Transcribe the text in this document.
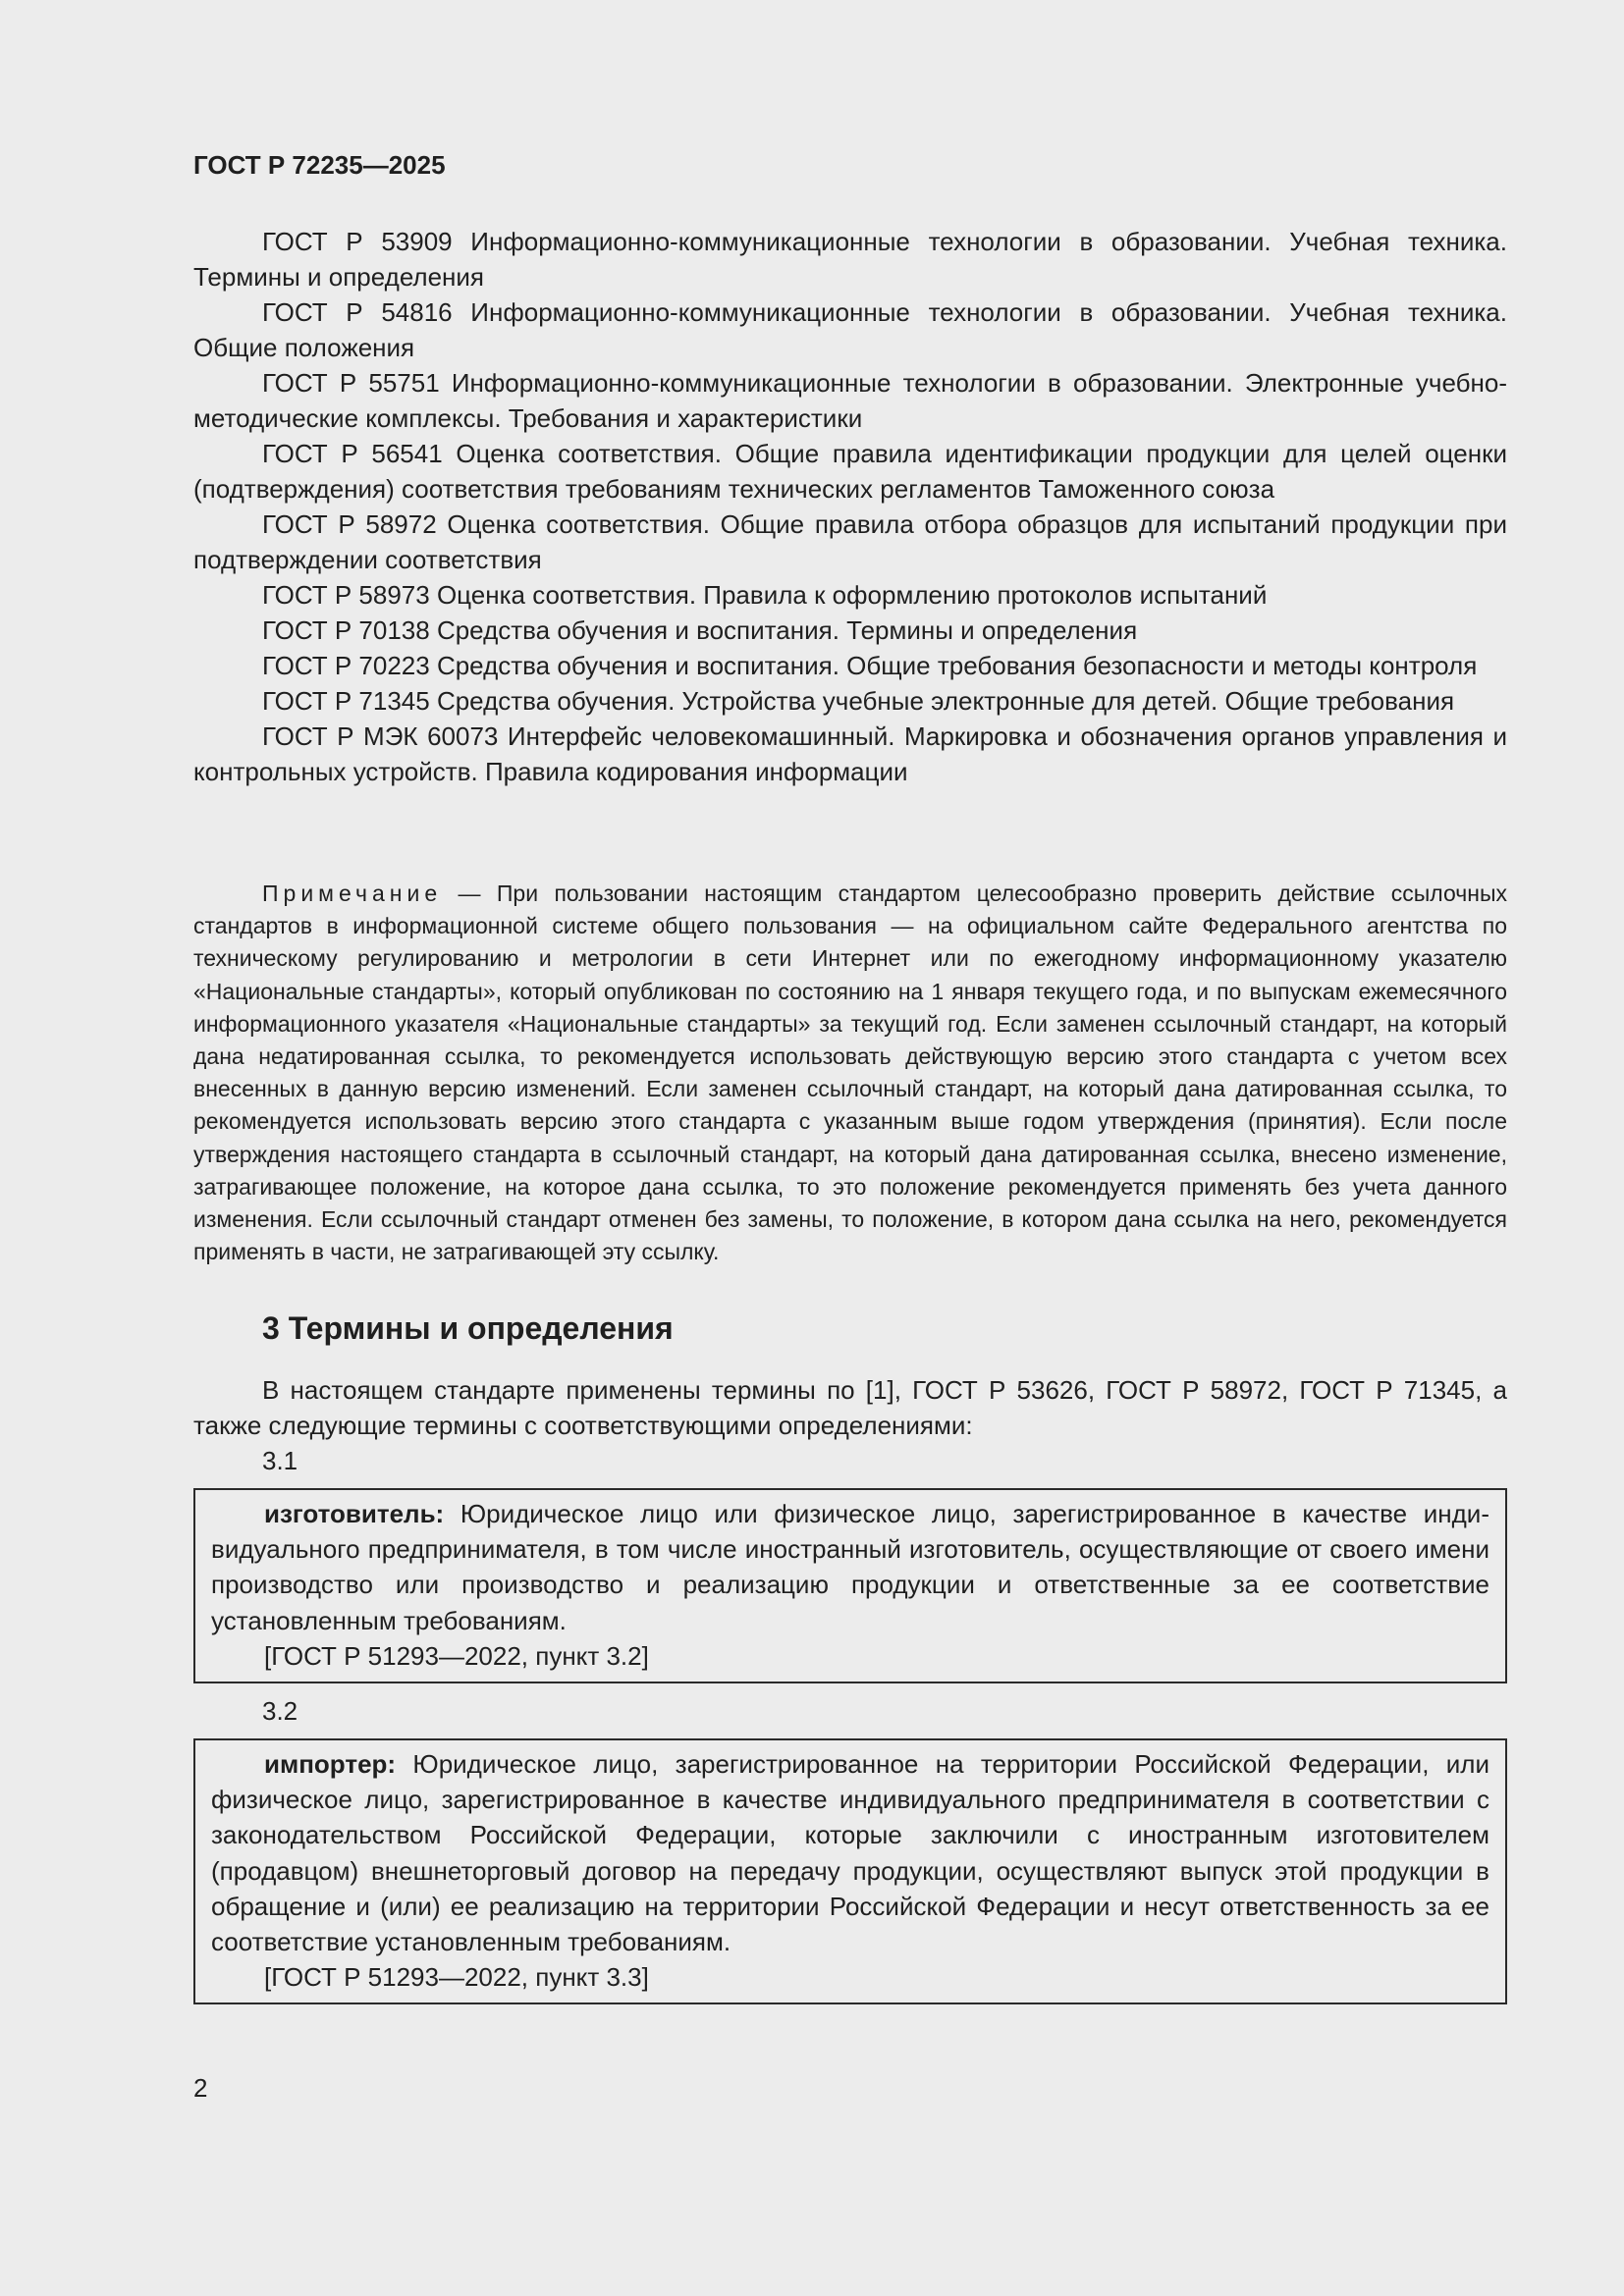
ГОСТ Р 72235—2025

ГОСТ Р 53909 Информационно-коммуникационные технологии в образовании. Учебная техника. Термины и определения

ГОСТ Р 54816 Информационно-коммуникационные технологии в образовании. Учебная техника. Общие положения

ГОСТ Р 55751 Информационно-коммуникационные технологии в образовании. Электронные учебно-методические комплексы. Требования и характеристики

ГОСТ Р 56541 Оценка соответствия. Общие правила идентификации продукции для целей оценки (подтверждения) соответствия требованиям технических регламентов Таможенного союза

ГОСТ Р 58972 Оценка соответствия. Общие правила отбора образцов для испытаний продукции при подтверждении соответствия

ГОСТ Р 58973 Оценка соответствия. Правила к оформлению протоколов испытаний

ГОСТ Р 70138 Средства обучения и воспитания. Термины и определения

ГОСТ Р 70223 Средства обучения и воспитания. Общие требования безопасности и методы контроля

ГОСТ Р 71345 Средства обучения. Устройства учебные электронные для детей. Общие требования

ГОСТ Р МЭК 60073 Интерфейс человекомашинный. Маркировка и обозначения органов управления и контрольных устройств. Правила кодирования информации

Примечание — При пользовании настоящим стандартом целесообразно проверить действие ссылочных стандартов в информационной системе общего пользования — на официальном сайте Федерального агентства по техническому регулированию и метрологии в сети Интернет или по ежегодному информационному указателю «Национальные стандарты», который опубликован по состоянию на 1 января текущего года, и по выпускам ежемесячного информационного указателя «Национальные стандарты» за текущий год. Если заменен ссылочный стандарт, на который дана недатированная ссылка, то рекомендуется использовать действующую версию этого стандарта с учетом всех внесенных в данную версию изменений. Если заменен ссылочный стандарт, на который дана датированная ссылка, то рекомендуется использовать версию этого стандарта с указанным выше годом утверждения (принятия). Если после утверждения настоящего стандарта в ссылочный стандарт, на который дана датированная ссылка, внесено изменение, затрагивающее положение, на которое дана ссылка, то это положение рекомендуется применять без учета данного изменения. Если ссылочный стандарт отменен без замены, то положение, в котором дана ссылка на него, рекомендуется применять в части, не затрагивающей эту ссылку.

3 Термины и определения

В настоящем стандарте применены термины по [1], ГОСТ Р 53626, ГОСТ Р 58972, ГОСТ Р 71345, а также следующие термины с соответствующими определениями:

3.1

изготовитель: Юридическое лицо или физическое лицо, зарегистрированное в качестве индивидуального предпринимателя, в том числе иностранный изготовитель, осуществляющие от своего имени производство или производство и реализацию продукции и ответственные за ее соответствие установленным требованиям.

[ГОСТ Р 51293—2022, пункт 3.2]

3.2

импортер: Юридическое лицо, зарегистрированное на территории Российской Федерации, или физическое лицо, зарегистрированное в качестве индивидуального предпринимателя в соответствии с законодательством Российской Федерации, которые заключили с иностранным изготовителем (продавцом) внешнеторговый договор на передачу продукции, осуществляют выпуск этой продукции в обращение и (или) ее реализацию на территории Российской Федерации и несут ответственность за ее соответствие установленным требованиям.

[ГОСТ Р 51293—2022, пункт 3.3]

2
